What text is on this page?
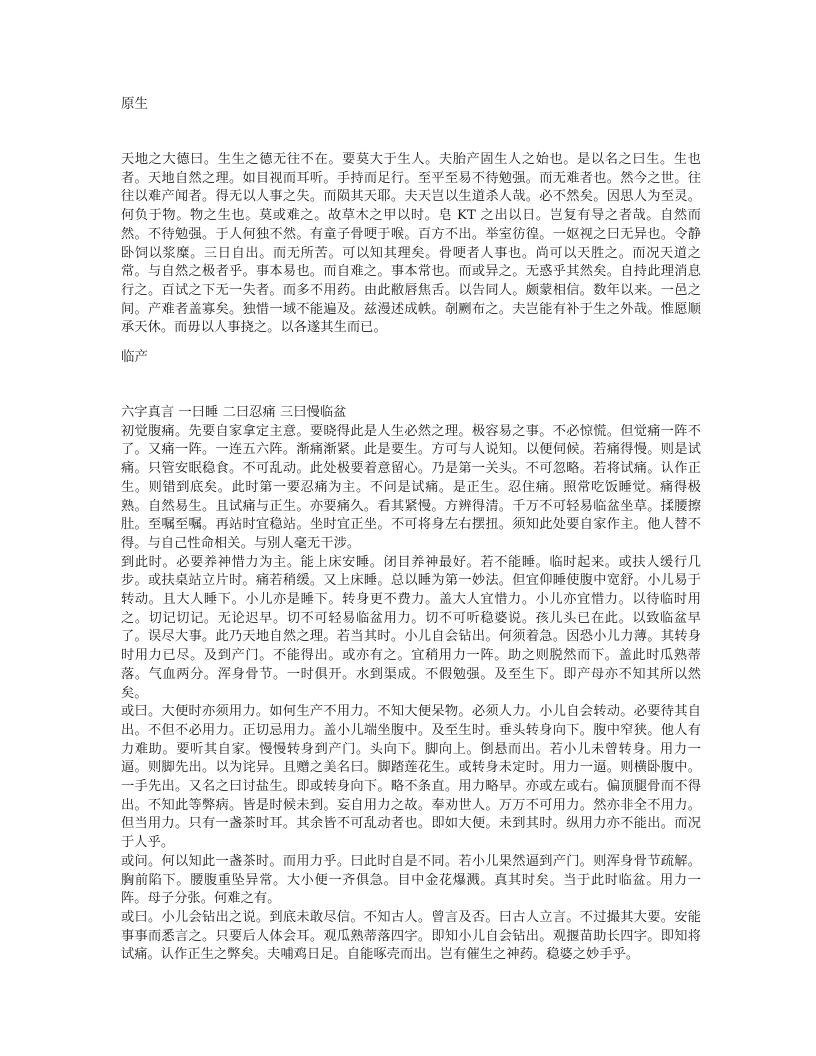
原生

天地之大德曰。生生之德无往不在。要莫大于生人。夫胎产固生人之始也。是以名之曰生。生也者。天地自然之理。如目视而耳听。手持而足行。至平至易不待勉强。而无难者也。然今之世。往往以难产闻者。得无以人事之失。而陨其天耶。夫天岂以生道杀人哉。必不然矣。因思人为至灵。何负于物。物之生也。莫或难之。故草木之甲以时。皂 KT 之出以日。岂复有导之者哉。自然而然。不待勉强。于人何独不然。有童子骨哽于喉。百方不出。举室彷徨。一妪视之曰无异也。令静卧饲以浆糜。三日自出。而无所苦。可以知其理矣。骨哽者人事也。尚可以天胜之。而况天道之常。与自然之极者乎。事本易也。而自难之。事本常也。而或异之。无惑乎其然矣。自持此理消息行之。百试之下无一失者。而多不用药。由此敝唇焦舌。以告同人。颇蒙相信。数年以来。一邑之间。产难者盖寡矣。独惜一域不能遍及。兹漫述成帙。剞劂布之。夫岂能有补于生之外哉。惟愿顺承天休。而毋以人事挠之。以各遂其生而已。

临产

六字真言 一曰睡 二曰忍痛 三曰慢临盆

初觉腹痛。先要自家拿定主意。要晓得此是人生必然之理。极容易之事。不必惊慌。但觉痛一阵不了。又痛一阵。一连五六阵。渐痛渐紧。此是要生。方可与人说知。以便伺候。若痛得慢。则是试痛。只管安眠稳食。不可乱动。此处极要着意留心。乃是第一关头。不可忽略。若将试痛。认作正生。则错到底矣。此时第一要忍痛为主。不问是试痛。是正生。忍住痛。照常吃饭睡觉。痛得极熟。自然易生。且试痛与正生。亦要痛久。看其紧慢。方辨得清。千万不可轻易临盆坐草。揉腰擦肚。至嘱至嘱。再站时宜稳站。坐时宜正坐。不可将身左右摆扭。须知此处要自家作主。他人替不得。与自己性命相关。与别人毫无干涉。

到此时。必要养神惜力为主。能上床安睡。闭目养神最好。若不能睡。临时起来。或扶人缓行几步。或扶桌站立片时。痛若稍缓。又上床睡。总以睡为第一妙法。但宜仰睡使腹中宽舒。小儿易于转动。且大人睡下。小儿亦是睡下。转身更不费力。盖大人宜惜力。小儿亦宜惜力。以待临时用之。切记切记。无论迟早。切不可轻易临盆用力。切不可听稳婆说。孩儿头已在此。以致临盆早了。误尽大事。此乃天地自然之理。若当其时。小儿自会钻出。何须着急。因恐小儿力薄。其转身时用力已尽。及到产门。不能得出。或亦有之。宜稍用力一阵。助之则脱然而下。盖此时瓜熟蒂落。气血两分。浑身骨节。一时俱开。水到渠成。不假勉强。及至生下。即产母亦不知其所以然矣。

或曰。大便时亦须用力。如何生产不用力。不知大便呆物。必须人力。小儿自会转动。必要待其自出。不但不必用力。正切忌用力。盖小儿端坐腹中。及至生时。垂头转身向下。腹中窄狭。他人有力难助。要听其自家。慢慢转身到产门。头向下。脚向上。倒悬而出。若小儿未曾转身。用力一逼。则脚先出。以为诧异。且赠之美名曰。脚踏莲花生。或转身未定时。用力一逼。则横卧腹中。一手先出。又名之曰讨盐生。即或转身向下。略不条直。用力略早。亦或左或右。偏顶腿骨而不得出。不知此等弊病。皆是时候未到。妄自用力之故。奉劝世人。万万不可用力。然亦非全不用力。但当用力。只有一盏茶时耳。其余皆不可乱动者也。即如大便。未到其时。纵用力亦不能出。而况于人乎。

或问。何以知此一盏茶时。而用力乎。曰此时自是不同。若小儿果然逼到产门。则浑身骨节疏解。胸前陷下。腰腹重坠异常。大小便一齐俱急。目中金花爆溅。真其时矣。当于此时临盆。用力一阵。母子分张。何难之有。

或曰。小儿会钻出之说。到底未敢尽信。不知古人。曾言及否。曰古人立言。不过撮其大要。安能事事而悉言之。只要后人体会耳。观瓜熟蒂落四字。即知小儿自会钻出。观揠苗助长四字。即知将试痛。认作正生之弊矣。夫哺鸡日足。自能啄壳而出。岂有催生之神药。稳婆之妙手乎。
